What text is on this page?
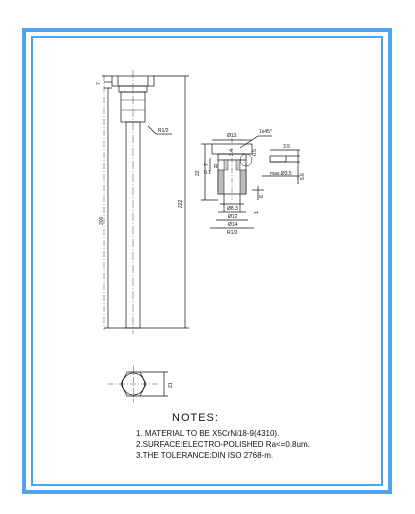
7
R1/2
200
222
Ø13
1x45°
3.4	0.5
R
0.1
22
7
Ø8.3
Ø12
Ø14
R1/2
3.5
8
1
max.Ø3.5 5.6
21
NOTES:
1. MATERIAL TO BE X5CrNi18-9(4310).
2.SURFACE:ELECTRO-POLISHED Ra<=0.8um.
3.THE TOLERANCE:DIN ISO 2768-m.
